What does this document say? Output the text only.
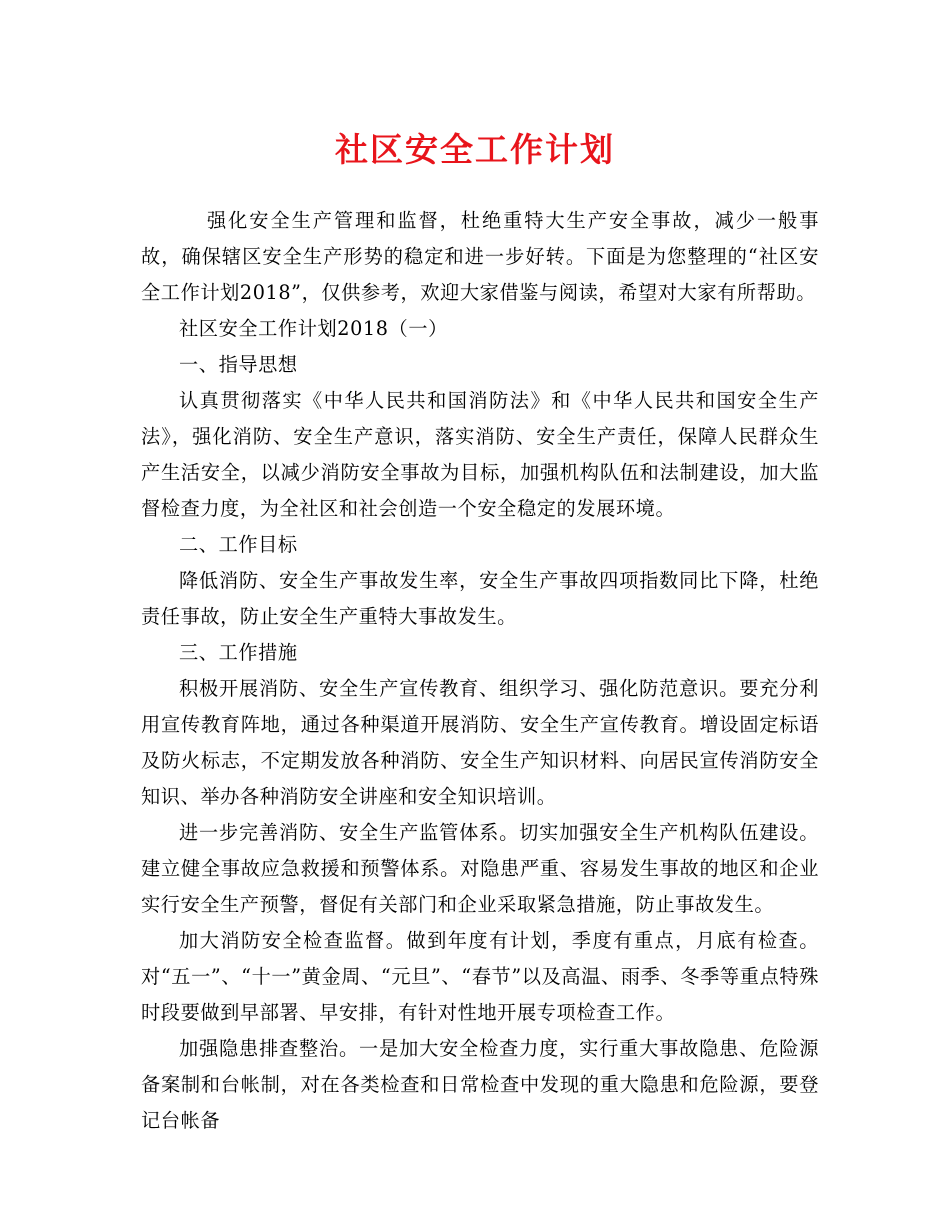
社区安全工作计划

强化安全生产管理和监督，杜绝重特大生产安全事故，减少一般事故，确保辖区安全生产形势的稳定和进一步好转。下面是为您整理的“社区安全工作计划2018”，仅供参考，欢迎大家借鉴与阅读，希望对大家有所帮助。

社区安全工作计划2018（一）

一、指导思想

认真贯彻落实《中华人民共和国消防法》和《中华人民共和国安全生产法》，强化消防、安全生产意识，落实消防、安全生产责任，保障人民群众生产生活安全，以减少消防安全事故为目标，加强机构队伍和法制建设，加大监督检查力度，为全社区和社会创造一个安全稳定的发展环境。

二、工作目标

降低消防、安全生产事故发生率，安全生产事故四项指数同比下降，杜绝责任事故，防止安全生产重特大事故发生。

三、工作措施

积极开展消防、安全生产宣传教育、组织学习、强化防范意识。要充分利用宣传教育阵地，通过各种渠道开展消防、安全生产宣传教育。增设固定标语及防火标志，不定期发放各种消防、安全生产知识材料、向居民宣传消防安全知识、举办各种消防安全讲座和安全知识培训。

进一步完善消防、安全生产监管体系。切实加强安全生产机构队伍建设。建立健全事故应急救援和预警体系。对隐患严重、容易发生事故的地区和企业实行安全生产预警，督促有关部门和企业采取紧急措施，防止事故发生。

加大消防安全检查监督。做到年度有计划，季度有重点，月底有检查。对“五一”、“十一”黄金周、“元旦”、“春节”以及高温、雨季、冬季等重点特殊时段要做到早部署、早安排，有针对性地开展专项检查工作。

加强隐患排查整治。一是加大安全检查力度，实行重大事故隐患、危险源备案制和台帐制，对在各类检查和日常检查中发现的重大隐患和危险源，要登记台帐备
